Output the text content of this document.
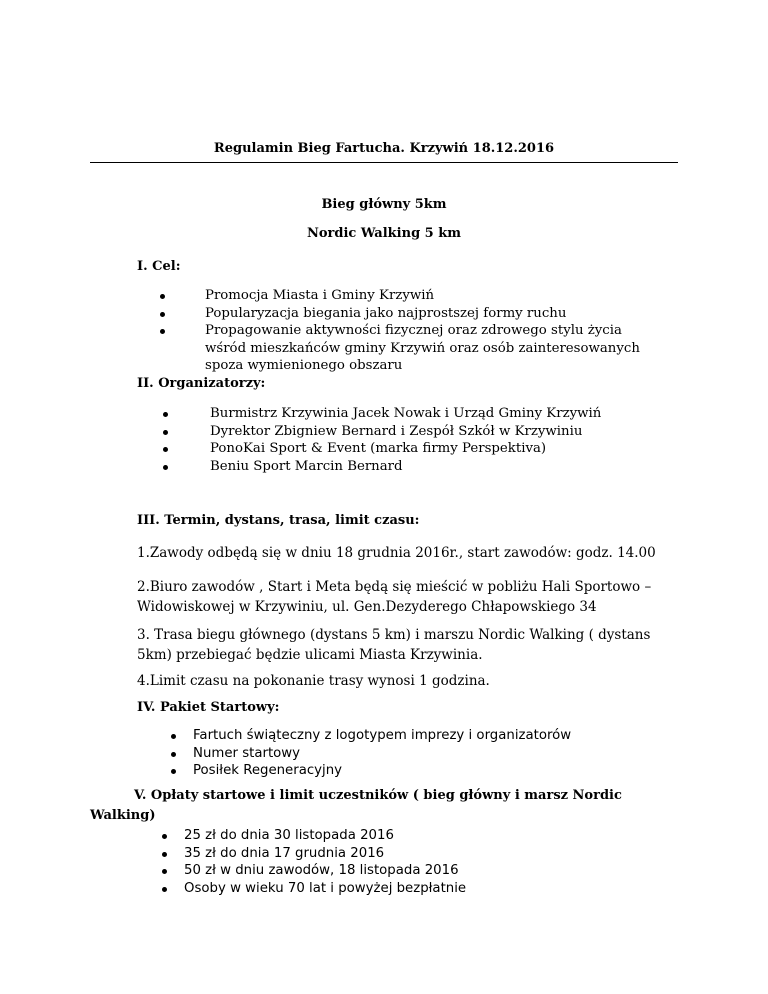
Regulamin Bieg Fartucha. Krzywiń 18.12.2016
Bieg główny 5km
Nordic Walking 5 km
I. Cel:
Promocja Miasta i Gminy Krzywiń
Popularyzacja biegania jako najprostszej formy ruchu
Propagowanie aktywności fizycznej oraz zdrowego stylu życia wśród mieszkańców gminy Krzywiń oraz osób zainteresowanych spoza wymienionego obszaru
II. Organizatorzy:
Burmistrz Krzywinia Jacek Nowak i Urząd Gminy Krzywiń
Dyrektor Zbigniew Bernard i Zespół Szkół w Krzywiniu
PonoKai Sport & Event (marka firmy Perspektiva)
Beniu Sport Marcin Bernard
III. Termin, dystans, trasa, limit czasu:
1.Zawody odbędą się w dniu 18 grudnia 2016r., start zawodów: godz. 14.00
2.Biuro zawodów , Start i Meta będą się mieścić w pobliżu Hali Sportowo – Widowiskowej w Krzywiniu, ul. Gen.Dezyderego Chłapowskiego 34
3. Trasa biegu głównego (dystans 5 km) i marszu Nordic Walking ( dystans 5km) przebiegać będzie ulicami Miasta Krzywinia.
4.Limit czasu na pokonanie trasy wynosi 1 godzina.
IV. Pakiet Startowy:
Fartuch świąteczny z logotypem imprezy i organizatorów
Numer startowy
Posiłek Regeneracyjny
V. Opłaty startowe i limit uczestników ( bieg główny i marsz Nordic Walking)
25 zł do dnia 30 listopada 2016
35 zł do dnia 17 grudnia 2016
50 zł w dniu zawodów, 18 listopada 2016
Osoby w wieku 70 lat i powyżej bezpłatnie
